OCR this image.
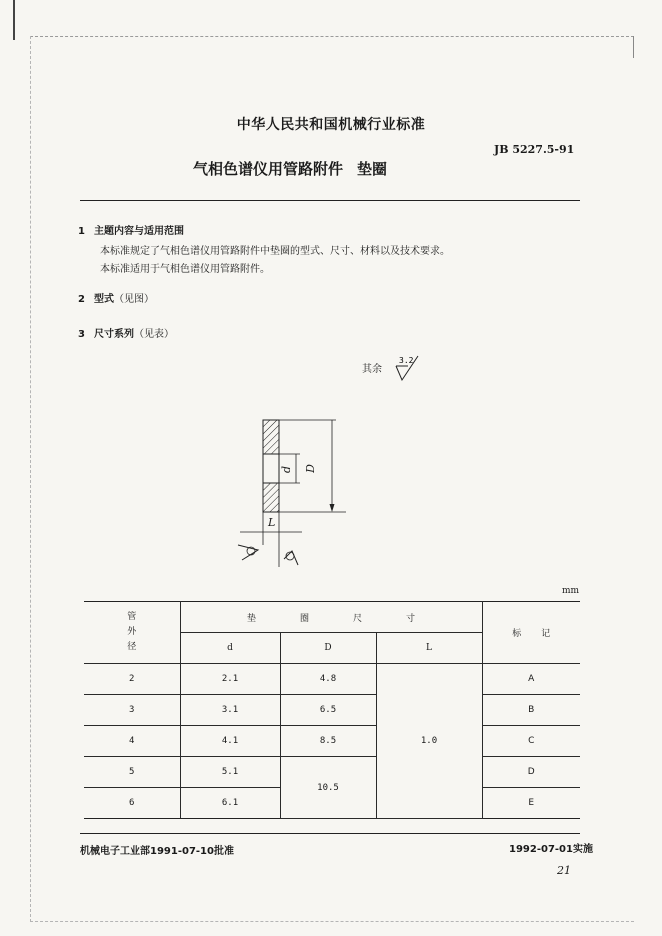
中华人民共和国机械行业标准
气相色谱仪用管路附件 垫圈
JB 5227.5-91
1 主题内容与适用范围
本标准规定了气相色谱仪用管路附件中垫圈的型式、尺寸、材料以及技术要求。
本标准适用于气相色谱仪用管路附件。
2 型式（见图）
3 尺寸系列（见表）
其余
3.2
d D
L
mm
管
外
径	垫 圈 尺 寸			标 记
	d	D	L	
2	2.1	4.8	1.0	A
3	3.1	6.5		B
4	4.1	8.5		C
5	5.1	10.5		D
6	6.1			E
机械电子工业部1991-07-10批准	1992-07-01实施
21
